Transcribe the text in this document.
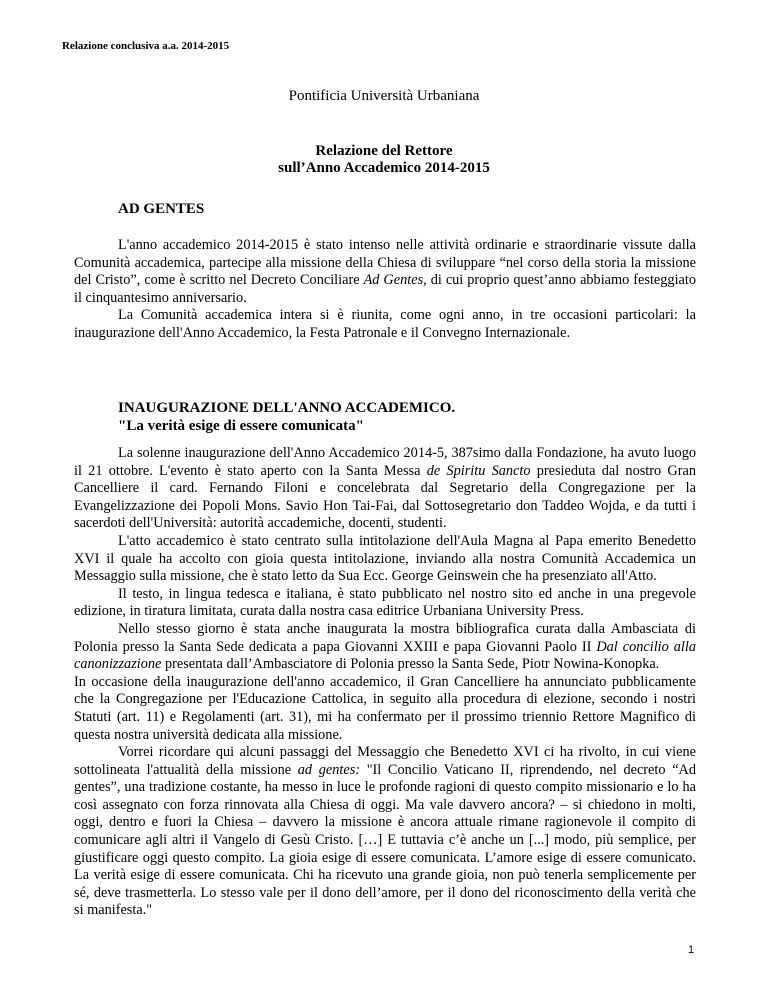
Relazione conclusiva a.a. 2014-2015
Pontificia Università Urbaniana
Relazione del Rettore
sull’Anno Accademico 2014-2015
AD GENTES

L'anno accademico 2014-2015 è stato intenso nelle attività ordinarie e straordinarie vissute dalla Comunità accademica, partecipe alla missione della Chiesa di sviluppare “nel corso della storia la missione del Cristo”, come è scritto nel Decreto Conciliare Ad Gentes, di cui proprio quest’anno abbiamo festeggiato il cinquantesimo anniversario.

La Comunità accademica intera si è riunita, come ogni anno, in tre occasioni particolari: la inaugurazione dell'Anno Accademico, la Festa Patronale e il Convegno Internazionale.

INAUGURAZIONE DELL'ANNO ACCADEMICO.
"La verità esige di essere comunicata"

La solenne inaugurazione dell'Anno Accademico 2014-5, 387simo dalla Fondazione, ha avuto luogo il 21 ottobre. L'evento è stato aperto con la Santa Messa de Spiritu Sancto presieduta dal nostro Gran Cancelliere il card. Fernando Filoni e concelebrata dal Segretario della Congregazione per la Evangelizzazione dei Popoli Mons. Savio Hon Tai-Fai, dal Sottosegretario don Taddeo Wojda, e da tutti i sacerdoti dell'Università: autorità accademiche, docenti, studenti.

L'atto accademico è stato centrato sulla intitolazione dell'Aula Magna al Papa emerito Benedetto XVI il quale ha accolto con gioia questa intitolazione, inviando alla nostra Comunità Accademica un Messaggio sulla missione, che è stato letto da Sua Ecc. George Geinswein che ha presenziato all'Atto.

Il testo, in lingua tedesca e italiana, è stato pubblicato nel nostro sito ed anche in una pregevole edizione, in tiratura limitata, curata dalla nostra casa editrice Urbaniana University Press.

Nello stesso giorno è stata anche inaugurata la mostra bibliografica curata dalla Ambasciata di Polonia presso la Santa Sede dedicata a papa Giovanni XXIII e papa Giovanni Paolo II Dal concilio alla canonizzazione presentata dall’Ambasciatore di Polonia presso la Santa Sede, Piotr Nowina-Konopka.

In occasione della inaugurazione dell'anno accademico, il Gran Cancelliere ha annunciato pubblicamente che la Congregazione per l'Educazione Cattolica, in seguito alla procedura di elezione, secondo i nostri Statuti (art. 11) e Regolamenti (art. 31), mi ha confermato per il prossimo triennio Rettore Magnifico di questa nostra università dedicata alla missione.

Vorrei ricordare qui alcuni passaggi del Messaggio che Benedetto XVI ci ha rivolto, in cui viene sottolineata l'attualità della missione ad gentes: "Il Concilio Vaticano II, riprendendo, nel decreto “Ad gentes”, una tradizione costante, ha messo in luce le profonde ragioni di questo compito missionario e lo ha così assegnato con forza rinnovata alla Chiesa di oggi. Ma vale davvero ancora? – si chiedono in molti, oggi, dentro e fuori la Chiesa – davvero la missione è ancora attuale rimane ragionevole il compito di comunicare agli altri il Vangelo di Gesù Cristo. […] E tuttavia c’è anche un [...] modo, più semplice, per giustificare oggi questo compito. La gioia esige di essere comunicata. L’amore esige di essere comunicato. La verità esige di essere comunicata. Chi ha ricevuto una grande gioia, non può tenerla semplicemente per sé, deve trasmetterla. Lo stesso vale per il dono dell’amore, per il dono del riconoscimento della verità che si manifesta."

1
